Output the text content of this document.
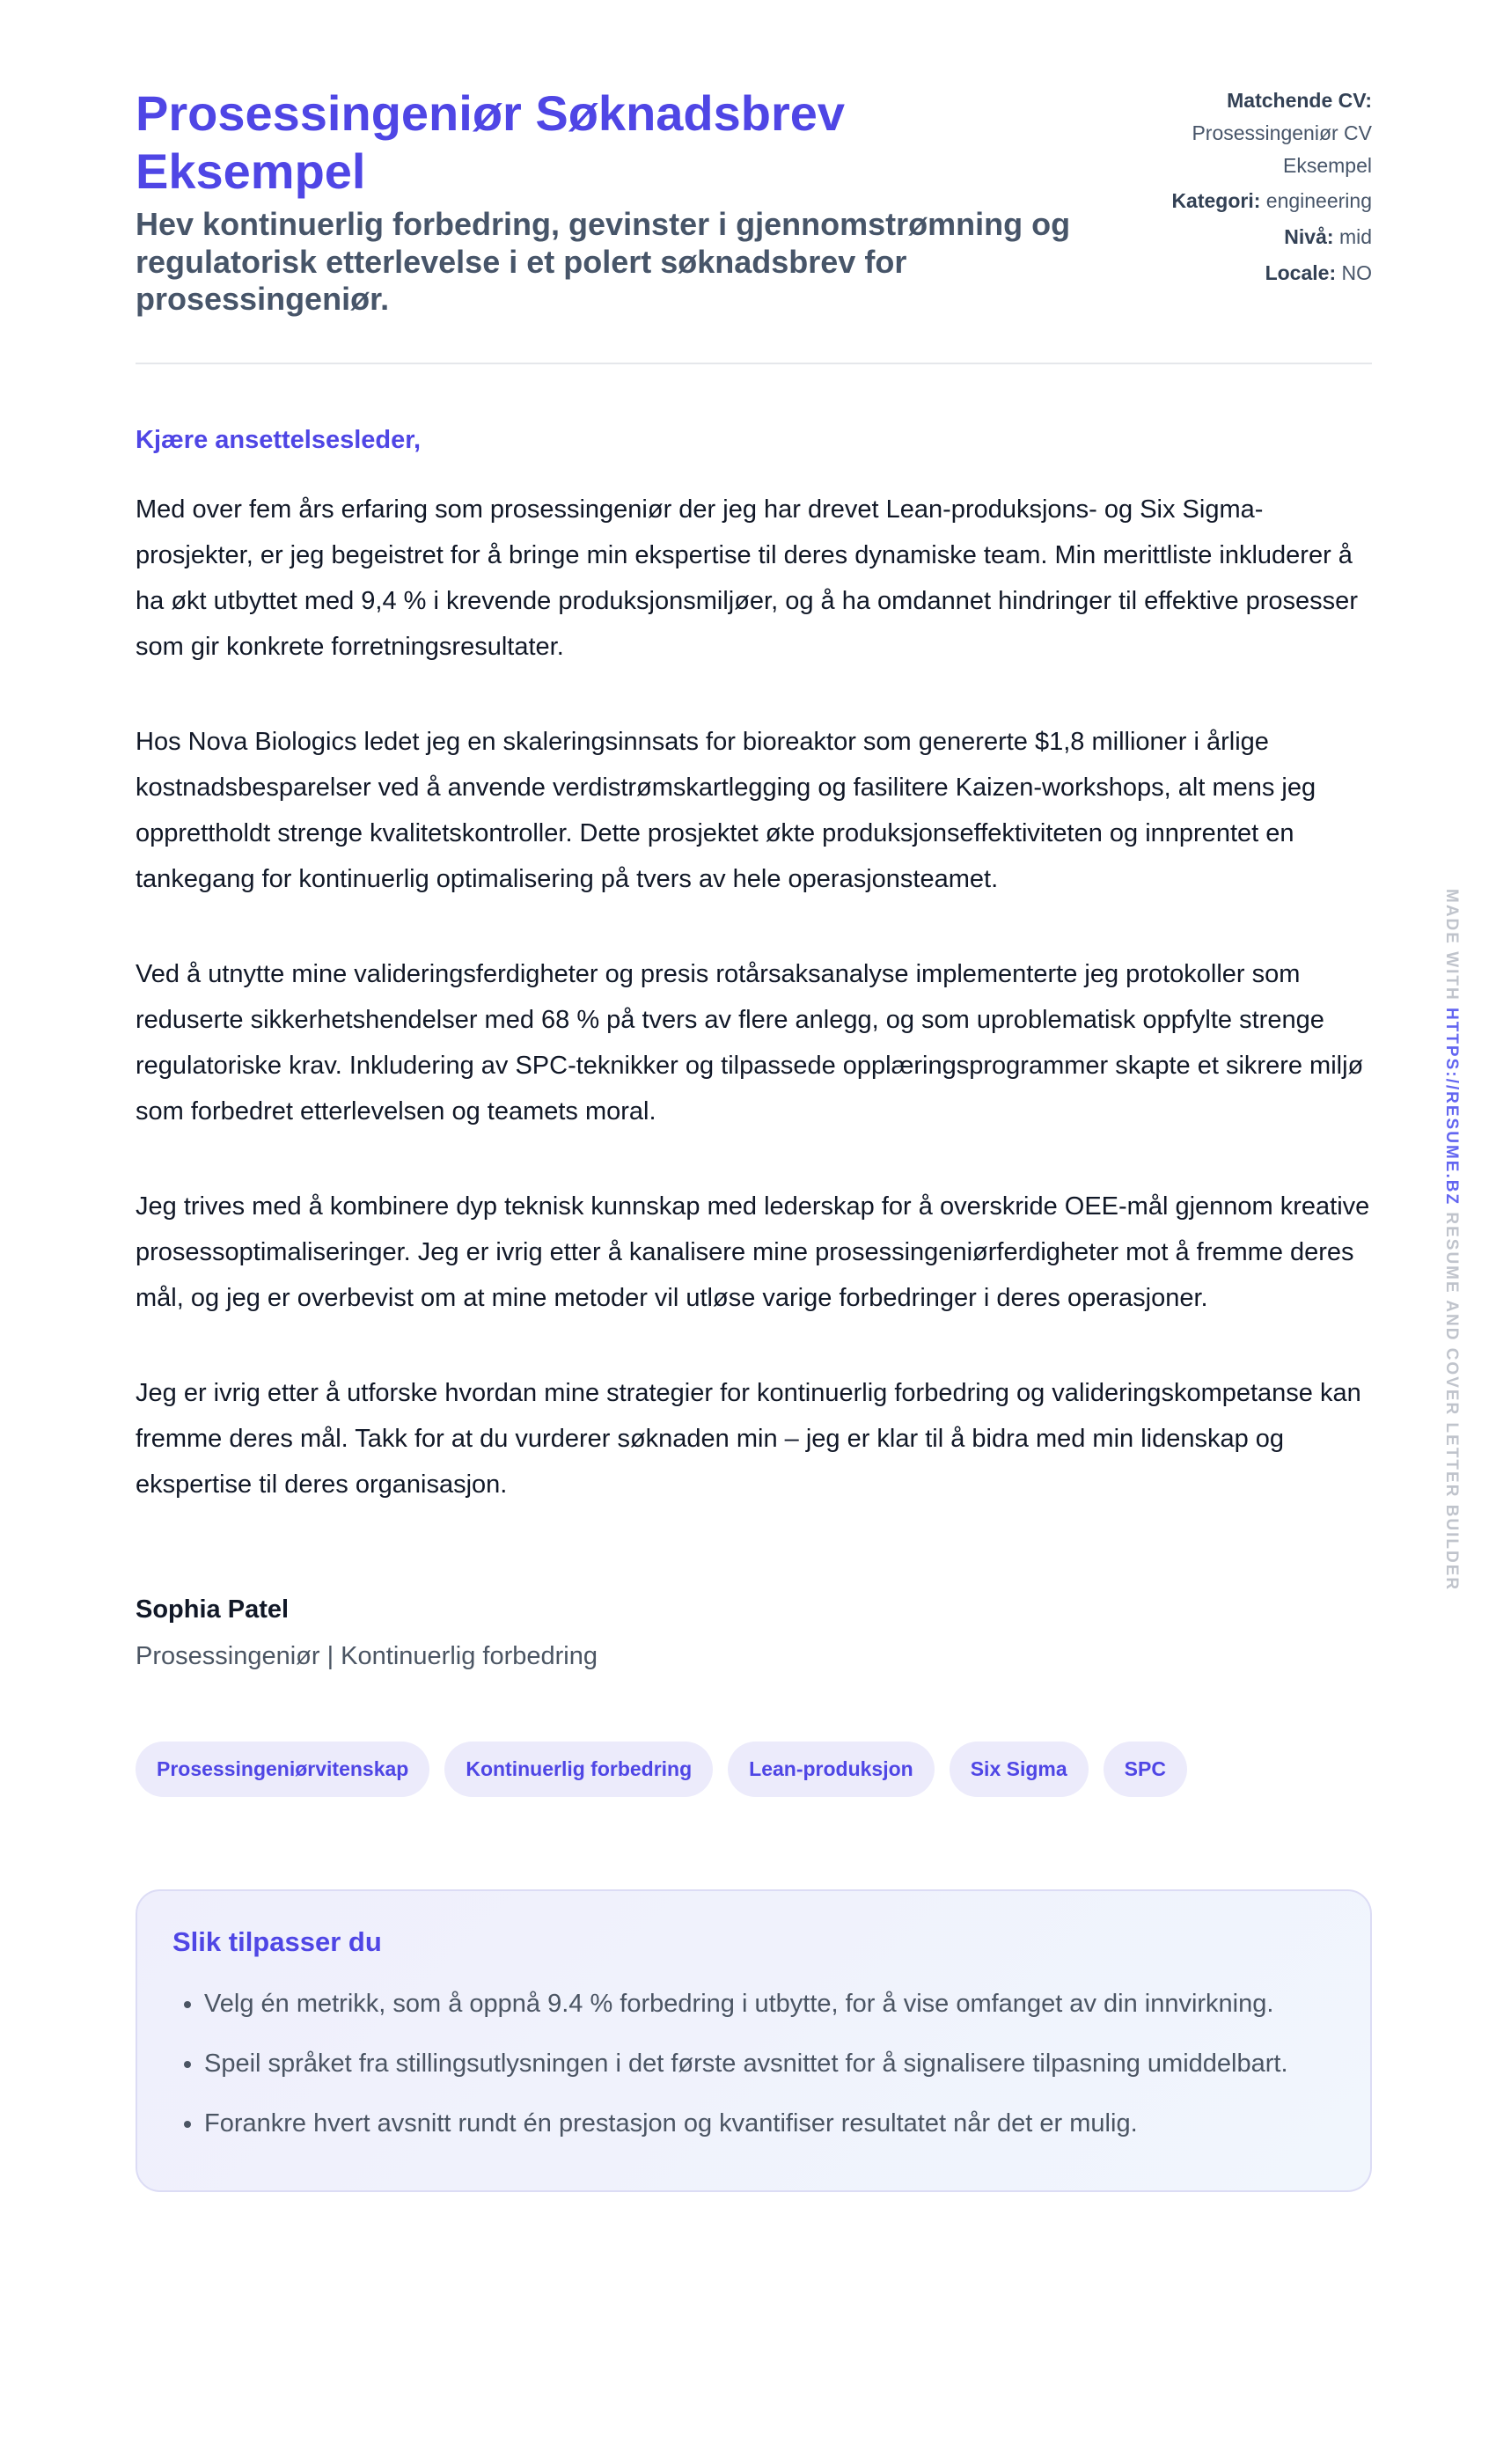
Prosessingeniør Søknadsbrev Eksempel

Hev kontinuerlig forbedring, gevinster i gjennomstrømning og regulatorisk etterlevelse i et polert søknadsbrev for prosessingeniør.

Matchende CV:
Prosessingeniør CV Eksempel
Kategori: engineering
Nivå: mid
Locale: NO
Kjære ansettelsesleder,

Med over fem års erfaring som prosessingeniør der jeg har drevet Lean-produksjons- og Six Sigma-prosjekter, er jeg begeistret for å bringe min ekspertise til deres dynamiske team. Min merittliste inkluderer å ha økt utbyttet med 9,4 % i krevende produksjonsmiljøer, og å ha omdannet hindringer til effektive prosesser som gir konkrete forretningsresultater.

Hos Nova Biologics ledet jeg en skaleringsinnsats for bioreaktor som genererte $1,8 millioner i årlige kostnadsbesparelser ved å anvende verdistrømskartlegging og fasilitere Kaizen-workshops, alt mens jeg opprettholdt strenge kvalitetskontroller. Dette prosjektet økte produksjonseffektiviteten og innprentet en tankegang for kontinuerlig optimalisering på tvers av hele operasjonsteamet.

Ved å utnytte mine valideringsferdigheter og presis rotårsaksanalyse implementerte jeg protokoller som reduserte sikkerhetshendelser med 68 % på tvers av flere anlegg, og som uproblematisk oppfylte strenge regulatoriske krav. Inkludering av SPC-teknikker og tilpassede opplæringsprogrammer skapte et sikrere miljø som forbedret etterlevelsen og teamets moral.

Jeg trives med å kombinere dyp teknisk kunnskap med lederskap for å overskride OEE-mål gjennom kreative prosessoptimaliseringer. Jeg er ivrig etter å kanalisere mine prosessingeniørferdigheter mot å fremme deres mål, og jeg er overbevist om at mine metoder vil utløse varige forbedringer i deres operasjoner.

Jeg er ivrig etter å utforske hvordan mine strategier for kontinuerlig forbedring og valideringskompetanse kan fremme deres mål. Takk for at du vurderer søknaden min – jeg er klar til å bidra med min lidenskap og ekspertise til deres organisasjon.

Sophia Patel
Prosessingeniør | Kontinuerlig forbedring
Prosessingeniørvitenskap	Kontinuerlig forbedring	Lean-produksjon	Six Sigma	SPC
Slik tilpasser du
• Velg én metrikk, som å oppnå 9.4 % forbedring i utbytte, for å vise omfanget av din innvirkning.
• Speil språket fra stillingsutlysningen i det første avsnittet for å signalisere tilpasning umiddelbart.
• Forankre hvert avsnitt rundt én prestasjon og kvantifiser resultatet når det er mulig.
MADE WITH HTTPS://RESUME.BZ RESUME AND COVER LETTER BUILDER
